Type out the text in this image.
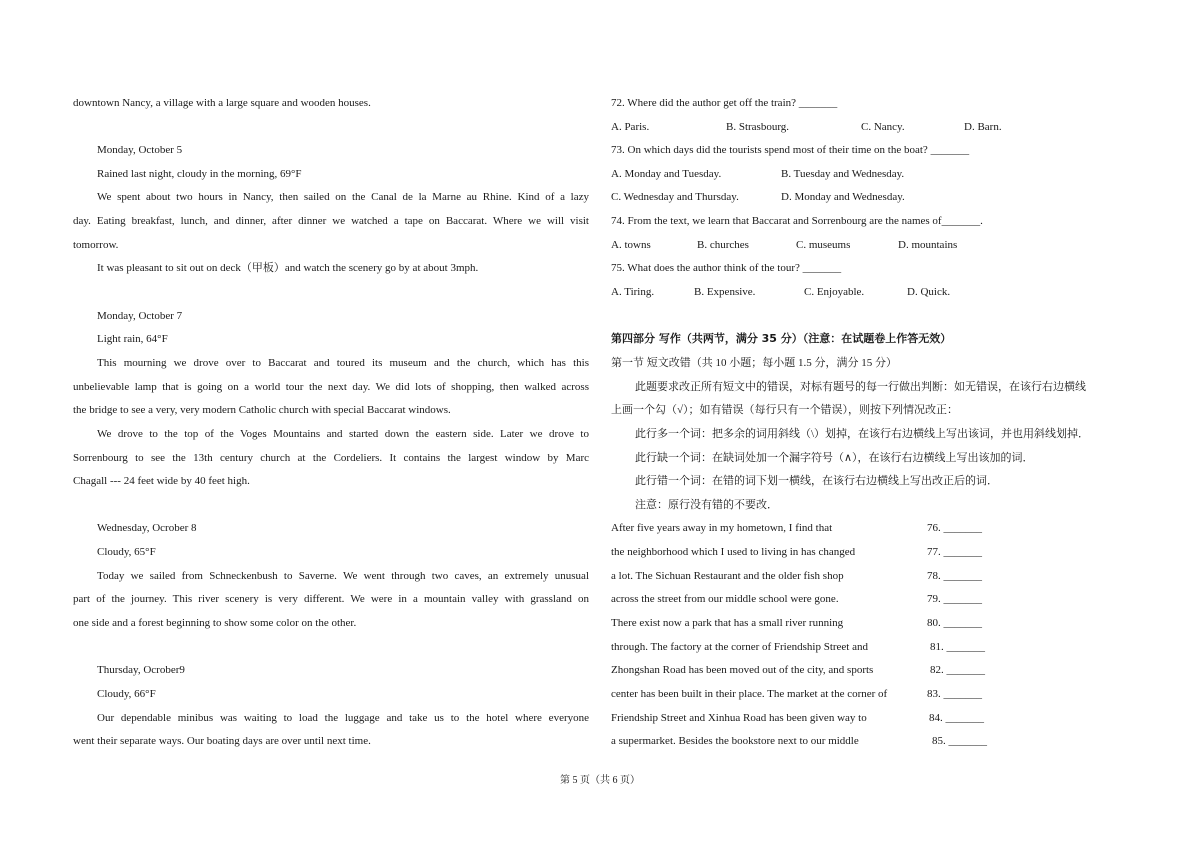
downtown Nancy, a village with a large square and wooden houses.
Monday, October 5
Rained last night, cloudy in the morning, 69°F
We spent about two hours in Nancy, then sailed on the Canal de la Marne au Rhine. Kind of a lazy
day. Eating breakfast, lunch, and dinner, after dinner we watched a tape on Baccarat. Where we will visit
tomorrow.
It was pleasant to sit out on deck（甲板）and watch the scenery go by at about 3mph.
Monday, October 7
Light rain, 64°F
This mourning we drove over to Baccarat and toured its museum and the church, which has this
unbelievable lamp that is going on a world tour the next day. We did lots of shopping, then walked across
the bridge to see a very, very modern Catholic church with special Baccarat windows.
We drove to the top of the Voges Mountains and started down the eastern side. Later we drove to
Sorrenbourg to see the 13th century church at the Cordeliers. It contains the largest window by Marc
Chagall --- 24 feet wide by 40 feet high.
Wednesday, Ocrober 8
Cloudy, 65°F
Today we sailed from Schneckenbush to Saverne. We went through two caves, an extremely unusual
part of the journey. This river scenery is very different. We were in a mountain valley with grassland on
one side and a forest beginning to show some color on the other.
Thursday, Ocrober9
Cloudy, 66°F
Our dependable minibus was waiting to load the luggage and take us to the hotel where everyone
went their separate ways. Our boating days are over until next time.
72. Where did the author get off the train? _______
A. Paris.	B. Strasbourg.	C. Nancy.	D. Barn.
73. On which days did the tourists spend most of their time on the boat? _______
A. Monday and Tuesday.	B. Tuesday and Wednesday.
C. Wednesday and Thursday.	D. Monday and Wednesday.
74. From the text, we learn that Baccarat and Sorrenbourg are the names of_______.
A. towns	B. churches	C. museums	D. mountains
75. What does the author think of the tour? _______
A. Tiring.	B. Expensive.	C. Enjoyable.	D. Quick.
第四部分 写作（共两节，满分 35 分）（注意：在试题卷上作答无效）
第一节 短文改错（共 10 小题；每小题 1.5 分，满分 15 分）
此题要求改正所有短文中的错误，对标有题号的每一行做出判断：如无错误，在该行右边横线
上画一个勾（√）；如有错误（每行只有一个错误），则按下列情况改正：
此行多一个词：把多余的词用斜线（\）划掉，在该行右边横线上写出该词，并也用斜线划掉．
此行缺一个词：在缺词处加一个漏字符号（∧），在该行右边横线上写出该加的词．
此行错一个词：在错的词下划一横线，在该行右边横线上写出改正后的词．
注意：原行没有错的不要改．
After five years away in my hometown, I find that	76. _______
the neighborhood which I used to living in has changed	77. _______
a lot. The Sichuan Restaurant and the older fish shop	78. _______
across the street from our middle school were gone.	79. _______
There exist now a park that has a small river running	80. _______
through. The factory at the corner of Friendship Street and	81. _______
Zhongshan Road has been moved out of the city, and sports	82. _______
center has been built in their place. The market at the corner of	83. _______
Friendship Street and Xinhua Road has been given way to	84. _______
a supermarket. Besides the bookstore next to our middle	85. _______
第 5 页（共 6 页）
